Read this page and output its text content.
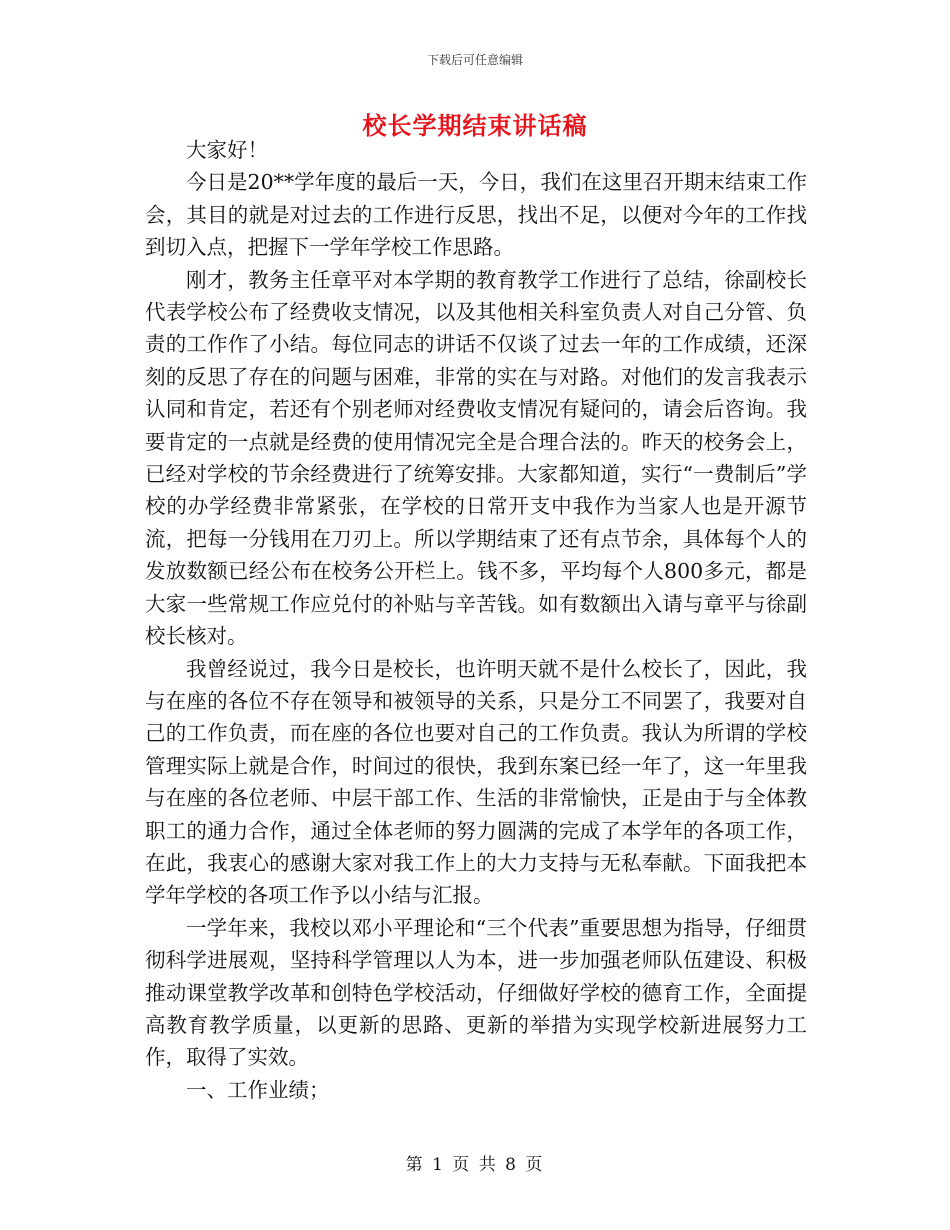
下载后可任意编辑
校长学期结束讲话稿

大家好！

今日是20**学年度的最后一天，今日，我们在这里召开期末结束工作会，其目的就是对过去的工作进行反思，找出不足，以便对今年的工作找到切入点，把握下一学年学校工作思路。

刚才，教务主任章平对本学期的教育教学工作进行了总结，徐副校长代表学校公布了经费收支情况，以及其他相关科室负责人对自己分管、负责的工作作了小结。每位同志的讲话不仅谈了过去一年的工作成绩，还深刻的反思了存在的问题与困难，非常的实在与对路。对他们的发言我表示认同和肯定，若还有个别老师对经费收支情况有疑问的，请会后咨询。我要肯定的一点就是经费的使用情况完全是合理合法的。昨天的校务会上，已经对学校的节余经费进行了统筹安排。大家都知道，实行“一费制后”学校的办学经费非常紧张，在学校的日常开支中我作为当家人也是开源节流，把每一分钱用在刀刃上。所以学期结束了还有点节余，具体每个人的发放数额已经公布在校务公开栏上。钱不多，平均每个人800多元，都是大家一些常规工作应兑付的补贴与辛苦钱。如有数额出入请与章平与徐副校长核对。

我曾经说过，我今日是校长，也许明天就不是什么校长了，因此，我与在座的各位不存在领导和被领导的关系，只是分工不同罢了，我要对自己的工作负责，而在座的各位也要对自己的工作负责。我认为所谓的学校管理实际上就是合作，时间过的很快，我到东案已经一年了，这一年里我与在座的各位老师、中层干部工作、生活的非常愉快，正是由于与全体教职工的通力合作，通过全体老师的努力圆满的完成了本学年的各项工作，在此，我衷心的感谢大家对我工作上的大力支持与无私奉献。下面我把本学年学校的各项工作予以小结与汇报。

一学年来，我校以邓小平理论和“三个代表”重要思想为指导，仔细贯彻科学进展观，坚持科学管理以人为本，进一步加强老师队伍建设、积极推动课堂教学改革和创特色学校活动，仔细做好学校的德育工作，全面提高教育教学质量，以更新的思路、更新的举措为实现学校新进展努力工作，取得了实效。

一、工作业绩；

第 1 页 共 8 页
